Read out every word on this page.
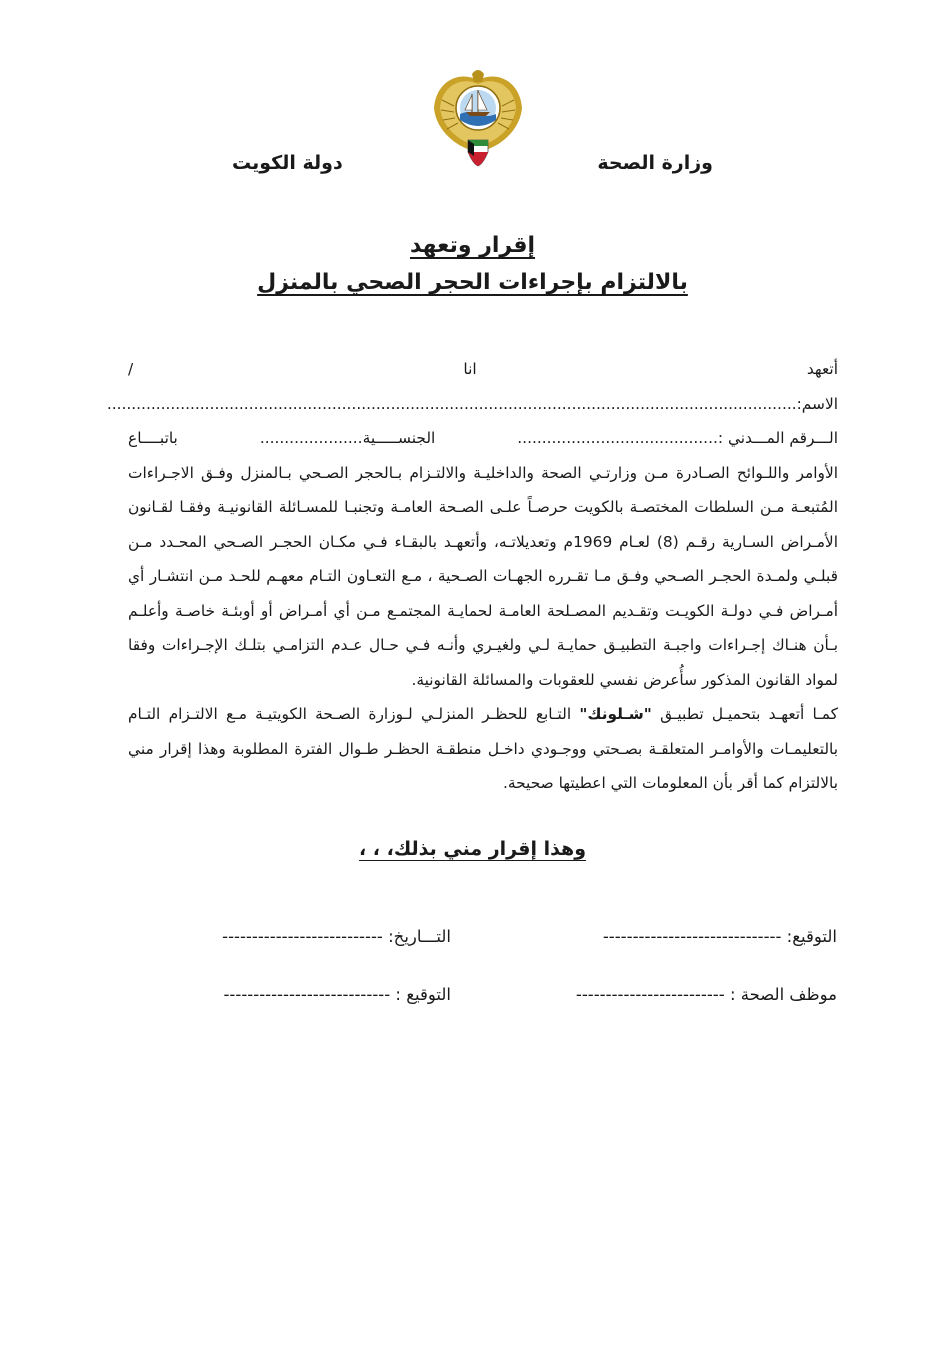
وزارة الصحة
دولة الكويت
إقرار وتعهد
بالالتزام بإجراءات الحجر الصحي بالمنزل
أتعهد انا / الاسم:.............................................................................................................................................
الـــرقم المـــدني :.........................................
الجنســـــية.....................
باتبــــاع

الأوامر واللـوائح الصـادرة مـن وزارتـي الصحة والداخليـة والالتـزام بـالحجر الصـحي بـالمنزل وفـق الاجـراءات المُتبعـة مـن السلطات المختصـة بالكويت حرصـاً علـى الصـحة العامـة وتجنبـا للمسـائلة القانونيـة وفقـا لقـانون الأمـراض السـارية رقـم (8) لعـام 1969م وتعديلاتـه، وأتعهـد بالبقـاء فـي مكـان الحجـر الصـحي المحـدد مـن قبلـي ولمـدة الحجـر الصـحي وفـق مـا تقـرره الجهـات الصـحية ، مـع التعـاون التـام معهـم للحـد مـن انتشـار أي أمـراض فـي دولـة الكويـت وتقـديم المصـلحة العامـة لحمايـة المجتمـع مـن أي أمـراض أو أوبئـة خاصـة وأعلـم بـأن هنـاك إجـراءات واجبـة التطبيـق حمايـة لـي ولغيـري وأنـه فـي حـال عـدم التزامـي بتلـك الإجـراءات وفقا لمواد القانون المذكور سأُعرض نفسي للعقوبات والمسائلة القانونية.

كمـا أتعهـد بتحميـل تطبيـق "شـلونك" التـابع للحظـر المنزلـي لـوزارة الصـحة الكويتيـة مـع الالتـزام التـام بالتعليمـات والأوامـر المتعلقـة بصـحتي ووجـودي داخـل منطقـة الحظـر طـوال الفترة المطلوبة وهذا إقرار مني بالالتزام كما أقر بأن المعلومات التي اعطيتها صحيحة.

وهذا إقرار مني بذلك، ، ،
التوقيع: ------------------------------
التـــاريخ: ---------------------------
موظف الصحة : -------------------------
التوقيع : ----------------------------
